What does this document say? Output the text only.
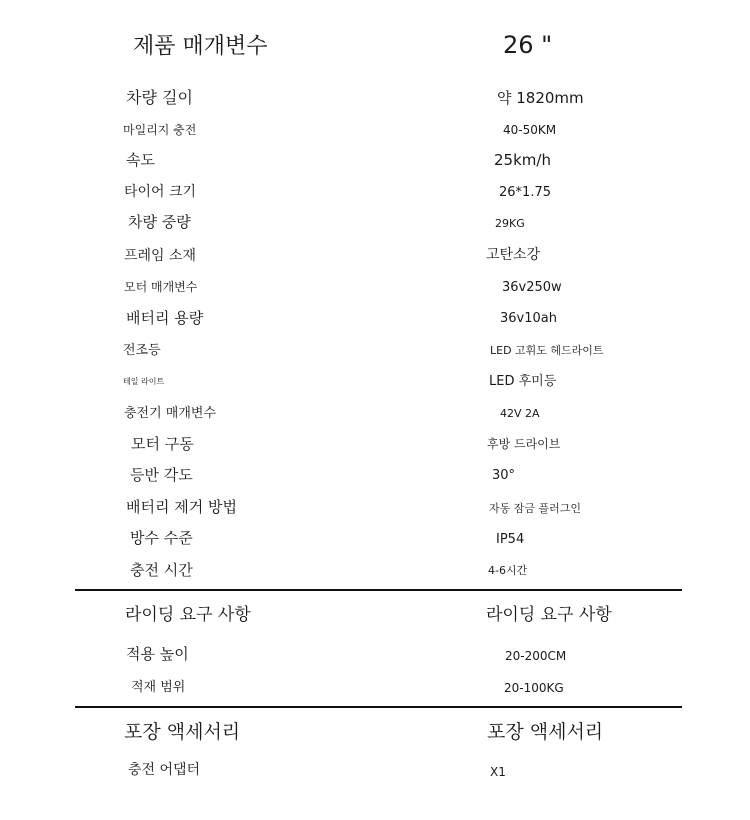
제품 매개변수	26 "
차량 길이	약 1820mm
마일리지 충전	40-50KM
속도	25km/h
타이어 크기	26*1.75
차량 중량	29KG
프레임 소재	고탄소강
모터 매개변수	36v250w
배터리 용량	36v10ah
전조등	LED 고휘도 헤드라이트
테일 라이트	LED 후미등
충전기 매개변수	42V 2A
모터 구동	후방 드라이브
등반 각도	30°
배터리 제거 방법	자동 잠금 플러그인
방수 수준	IP54
충전 시간	4-6시간
라이딩 요구 사항	라이딩 요구 사항
적용 높이	20-200CM
적재 범위	20-100KG
포장 액세서리	포장 액세서리
충전 어댑터	X1
